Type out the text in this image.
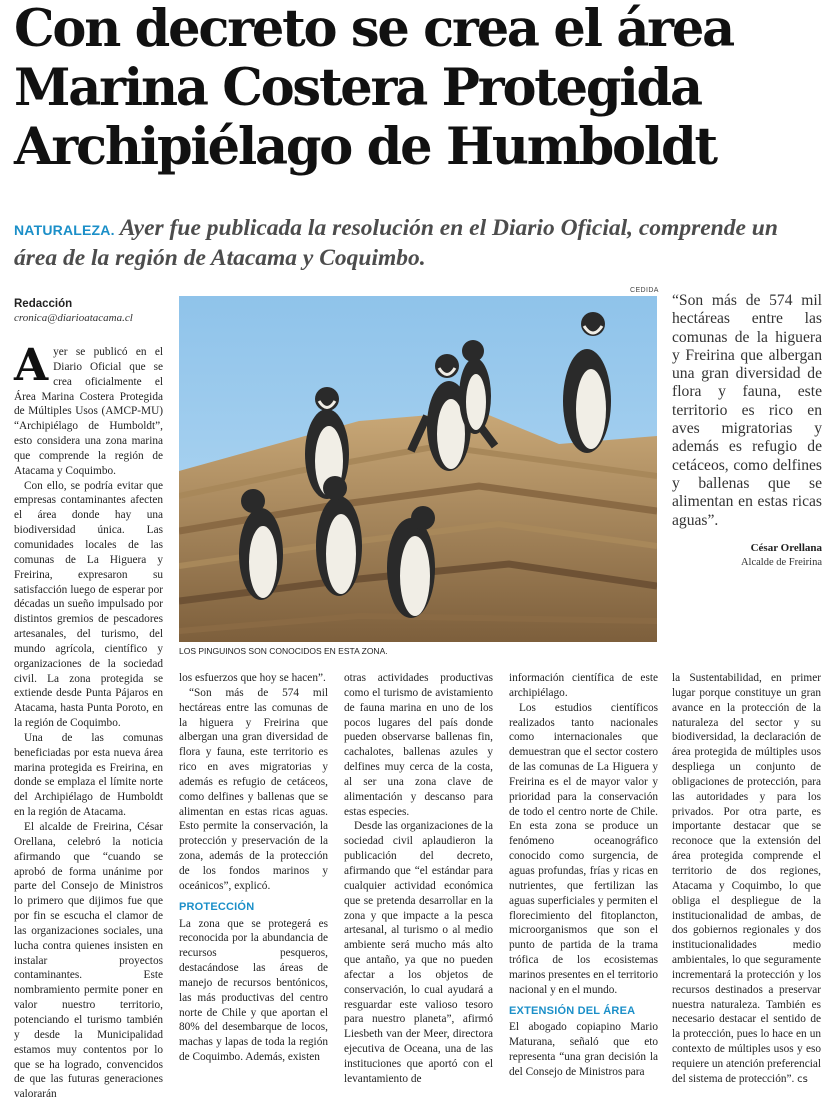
Con decreto se crea el área Marina Costera Protegida Archipiélago de Humboldt

NATURALEZA. Ayer fue publicada la resolución en el Diario Oficial, comprende un área de la región de Atacama y Coquimbo.

Redacción
cronica@diarioatacama.cl

Ayer se publicó en el Diario Oficial que se crea oficialmente el Área Marina Costera Protegida de Múltiples Usos (AMCP-MU) “Archipiélago de Humboldt”, esto considera una zona marina que comprende la región de Atacama y Coquimbo.

Con ello, se podría evitar que empresas contaminantes afecten el área donde hay una biodiversidad única. Las comunidades locales de las comunas de La Higuera y Freirina, expresaron su satisfacción luego de esperar por décadas un sueño impulsado por distintos gremios de pescadores artesanales, del turismo, del mundo agrícola, científico y organizaciones de la sociedad civil. La zona protegida se extiende desde Punta Pájaros en Atacama, hasta Punta Poroto, en la región de Coquimbo.

Una de las comunas beneficiadas por esta nueva área marina protegida es Freirina, en donde se emplaza el límite norte del Archipiélago de Humboldt en la región de Atacama.

El alcalde de Freirina, César Orellana, celebró la noticia afirmando que “cuando se aprobó de forma unánime por parte del Consejo de Ministros lo primero que dijimos fue que por fin se escucha el clamor de las organizaciones sociales, una lucha contra quienes insisten en instalar proyectos contaminantes. Este nombramiento permite poner en valor nuestro territorio, potenciando el turismo también y desde la Municipalidad estamos muy contentos por lo que se ha logrado, convencidos de que las futuras generaciones valorarán

CEDIDA
LOS PINGUINOS SON CONOCIDOS EN ESTA ZONA.

“Son más de 574 mil hectáreas entre las comunas de la higuera y Freirina que albergan una gran diversidad de flora y fauna, este territorio es rico en aves migratorias y además es refugio de cetáceos, como delfines y ballenas que se alimentan en estas ricas aguas”.

César Orellana
Alcalde de Freirina

los esfuerzos que hoy se hacen”.

“Son más de 574 mil hectáreas entre las comunas de la higuera y Freirina que albergan una gran diversidad de flora y fauna, este territorio es rico en aves migratorias y además es refugio de cetáceos, como delfines y ballenas que se alimentan en estas ricas aguas. Esto permite la conservación, la protección y preservación de la zona, además de la protección de los fondos marinos y oceánicos”, explicó.

PROTECCIÓN

La zona que se protegerá es reconocida por la abundancia de recursos pesqueros, destacándose las áreas de manejo de recursos bentónicos, las más productivas del centro norte de Chile y que aportan el 80% del desembarque de locos, machas y lapas de toda la región de Coquimbo. Además, existen

otras actividades productivas como el turismo de avistamiento de fauna marina en uno de los pocos lugares del país donde pueden observarse ballenas fin, cachalotes, ballenas azules y delfines muy cerca de la costa, al ser una zona clave de alimentación y descanso para estas especies.

Desde las organizaciones de la sociedad civil aplaudieron la publicación del decreto, afirmando que “el estándar para cualquier actividad económica que se pretenda desarrollar en la zona y que impacte a la pesca artesanal, al turismo o al medio ambiente será mucho más alto que antaño, ya que no pueden afectar a los objetos de conservación, lo cual ayudará a resguardar este valioso tesoro para nuestro planeta”, afirmó Liesbeth van der Meer, directora ejecutiva de Oceana, una de las instituciones que aportó con el levantamiento de

información científica de este archipiélago.

Los estudios científicos realizados tanto nacionales como internacionales que demuestran que el sector costero de las comunas de La Higuera y Freirina es el de mayor valor y prioridad para la conservación de todo el centro norte de Chile. En esta zona se produce un fenómeno oceanográfico conocido como surgencia, de aguas profundas, frías y ricas en nutrientes, que fertilizan las aguas superficiales y permiten el florecimiento del fitoplancton, microorganismos que son el punto de partida de la trama trófica de los ecosistemas marinos presentes en el territorio nacional y en el mundo.

EXTENSIÓN DEL ÁREA

El abogado copiapino Mario Maturana, señaló que eto representa “una gran decisión la del Consejo de Ministros para

la Sustentabilidad, en primer lugar porque constituye un gran avance en la protección de la naturaleza del sector y su biodiversidad, la declaración de área protegida de múltiples usos despliega un conjunto de obligaciones de protección, para las autoridades y para los privados. Por otra parte, es importante destacar que se reconoce que la extensión del área protegida comprende el territorio de dos regiones, Atacama y Coquimbo, lo que obliga el despliegue de la institucionalidad de ambas, de dos gobiernos regionales y dos institucionalidades medio ambientales, lo que seguramente incrementará la protección y los recursos destinados a preservar nuestra naturaleza. También es necesario destacar el sentido de la protección, pues lo hace en un contexto de múltiples usos y eso requiere un atención preferencial del sistema de protección”. cs
